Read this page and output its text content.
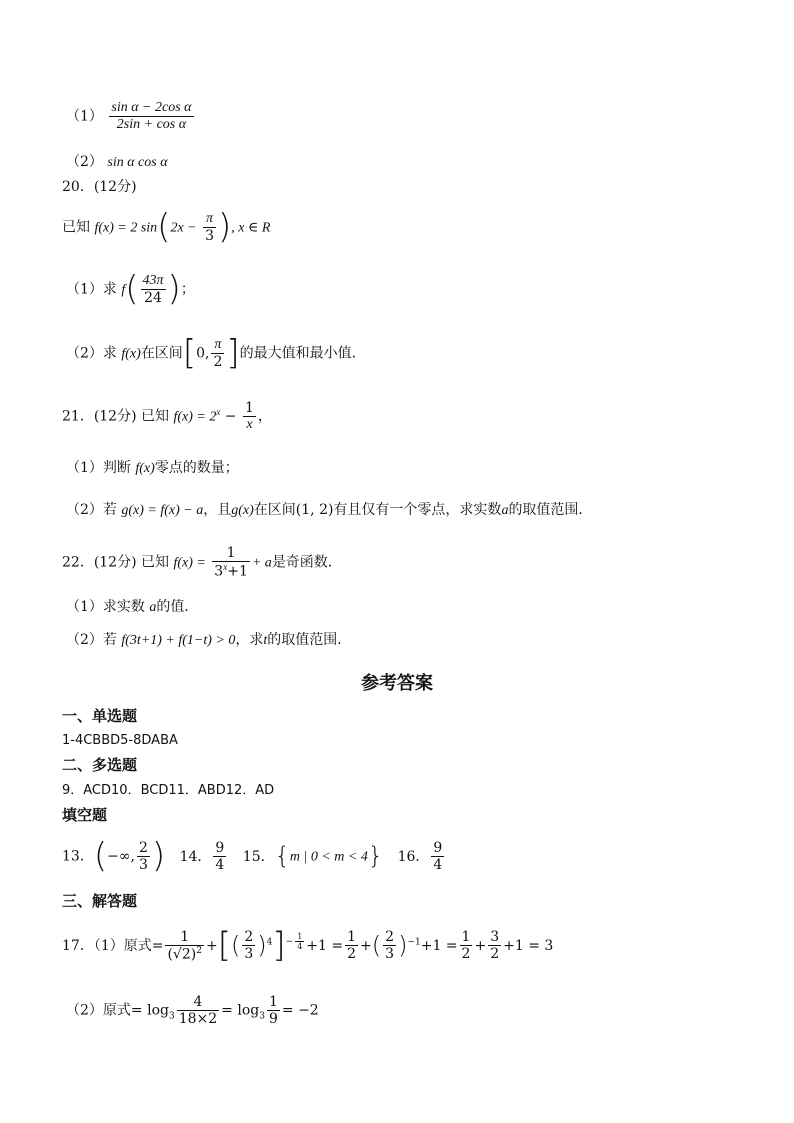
$(1) \frac{\text{sin α − 2cos α}}{\text{2sin + cos α}}$
（2） sin α cos α
20．(12分)
已知 f(x) = 2 $\sin(2x - \frac{\pi}{3}$ ), x ∈ R
（1）求 $f( \frac{43\pi}{24}$ )；
（2）求 f(x)在区间[0, $\frac{\pi}{2}$ ]的最大值和最小值．
21．(12分) 已知 $f(x) = 2^x - \frac{1}{x}$ ，
（1）判断 f(x)零点的数量；
（2）若 g(x) = f(x) − a，且g(x)在区间(1, 2)有且仅有一个零点，求实数a的取值范围．
22．(12分) 已知 $f(x) = \frac{1}{3^x+1} + a$是奇函数．
（1）求实数 a的值．
（2）若 f(3t+1) + f(1−t) > 0，求t的取值范围．
参考答案
一、单选题
1-4CBBD5-8DABA
二、多选题
9．ACD10．BCD11．ABD12．AD
填空题
13．(−∞, $\frac{2}{3}$ ) 14． $\frac{9}{4} 15$．{m | 0 < m < 4} 16． $\frac{9}{4}$
三、解答题
17．（1）原式= $\frac{1}{(√2)^2}$ +[( $\frac{2}{3} )^4]^{- \frac{1}{4}} +1 = \frac{1}{2}$ +( $\frac{2}{3} )^{-1}+1 = \frac{1}{2} + \frac{3}{2} +1 = 3$
（2）原式= $\log_3 \frac{4}{18\times 2} = \log_3 \frac{1}{9} = -2$
